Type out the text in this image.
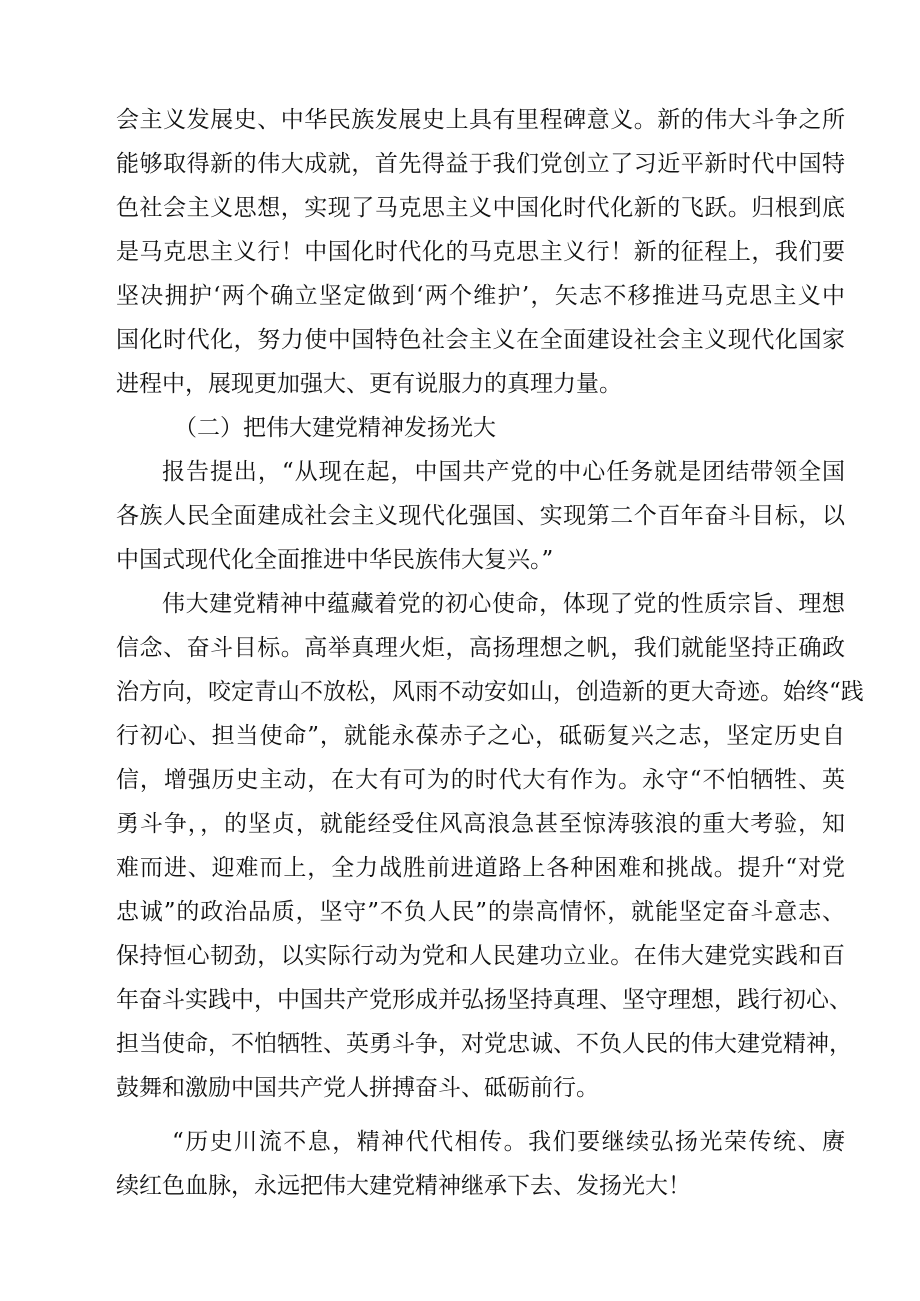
会主义发展史、中华民族发展史上具有里程碑意义。新的伟大斗争之所
能够取得新的伟大成就，首先得益于我们党创立了习近平新时代中国特
色社会主义思想，实现了马克思主义中国化时代化新的飞跃。归根到底
是马克思主义行！中国化时代化的马克思主义行！新的征程上，我们要
坚决拥护‘两个确立坚定做到‘两个维护’，矢志不移推进马克思主义中
国化时代化，努力使中国特色社会主义在全面建设社会主义现代化国家
进程中，展现更加强大、更有说服力的真理力量。
（二）把伟大建党精神发扬光大
报告提出，“从现在起，中国共产党的中心任务就是团结带领全国
各族人民全面建成社会主义现代化强国、实现第二个百年奋斗目标，以
中国式现代化全面推进中华民族伟大复兴。”
伟大建党精神中蕴藏着党的初心使命，体现了党的性质宗旨、理想
信念、奋斗目标。高举真理火炬，高扬理想之帆，我们就能坚持正确政
治方向，咬定青山不放松，风雨不动安如山，创造新的更大奇迹。始终“践
行初心、担当使命”，就能永葆赤子之心，砥砺复兴之志，坚定历史自
信，增强历史主动，在大有可为的时代大有作为。永守“不怕牺牲、英
勇斗争，，的坚贞，就能经受住风高浪急甚至惊涛骇浪的重大考验，知
难而进、迎难而上，全力战胜前进道路上各种困难和挑战。提升“对党
忠诚”的政治品质，坚守”不负人民”的崇高情怀，就能坚定奋斗意志、
保持恒心韧劲，以实际行动为党和人民建功立业。在伟大建党实践和百
年奋斗实践中，中国共产党形成并弘扬坚持真理、坚守理想，践行初心、
担当使命，不怕牺牲、英勇斗争，对党忠诚、不负人民的伟大建党精神，
鼓舞和激励中国共产党人拼搏奋斗、砥砺前行。
“历史川流不息，精神代代相传。我们要继续弘扬光荣传统、赓
续红色血脉，永远把伟大建党精神继承下去、发扬光大！
